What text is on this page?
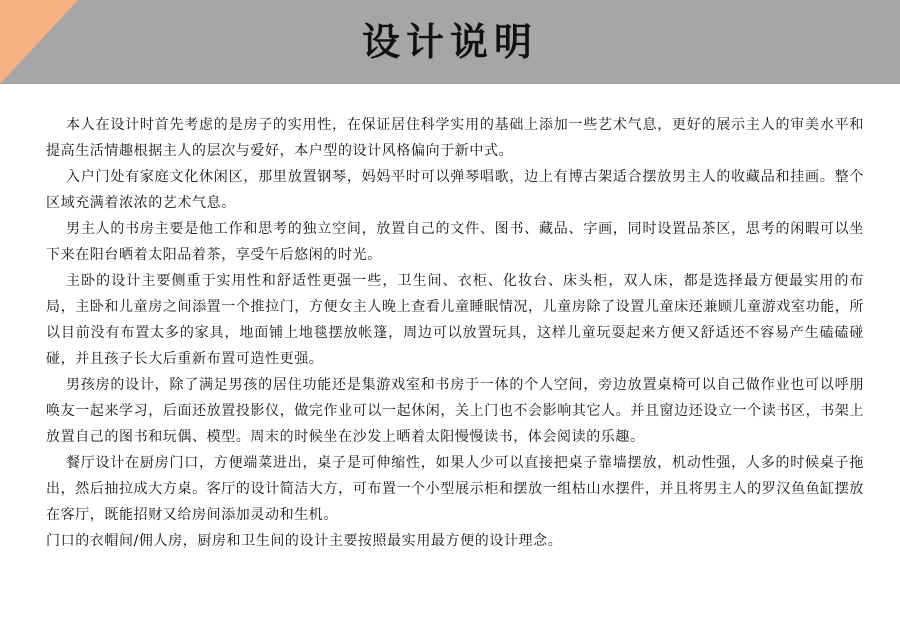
设计说明

本人在设计时首先考虑的是房子的实用性，在保证居住科学实用的基础上添加一些艺术气息，更好的展示主人的审美水平和提高生活情趣根据主人的层次与爱好，本户型的设计风格偏向于新中式。

入户门处有家庭文化休闲区，那里放置钢琴，妈妈平时可以弹琴唱歌，边上有博古架适合摆放男主人的收藏品和挂画。整个区域充满着浓浓的艺术气息。

男主人的书房主要是他工作和思考的独立空间，放置自己的文件、图书、藏品、字画，同时设置品茶区，思考的闲暇可以坐下来在阳台晒着太阳品着茶，享受午后悠闲的时光。

主卧的设计主要侧重于实用性和舒适性更强一些，卫生间、衣柜、化妆台、床头柜，双人床，都是选择最方便最实用的布局，主卧和儿童房之间添置一个推拉门，方便女主人晚上查看儿童睡眠情况，儿童房除了设置儿童床还兼顾儿童游戏室功能，所以目前没有布置太多的家具，地面铺上地毯摆放帐篷，周边可以放置玩具，这样儿童玩耍起来方便又舒适还不容易产生磕磕碰碰，并且孩子长大后重新布置可造性更强。

男孩房的设计，除了满足男孩的居住功能还是集游戏室和书房于一体的个人空间，旁边放置桌椅可以自己做作业也可以呼朋唤友一起来学习，后面还放置投影仪，做完作业可以一起休闲，关上门也不会影响其它人。并且窗边还设立一个读书区，书架上放置自己的图书和玩偶、模型。周末的时候坐在沙发上晒着太阳慢慢读书，体会阅读的乐趣。

餐厅设计在厨房门口，方便端菜进出，桌子是可伸缩性，如果人少可以直接把桌子靠墙摆放，机动性强，人多的时候桌子拖出，然后抽拉成大方桌。客厅的设计简洁大方，可布置一个小型展示柜和摆放一组枯山水摆件，并且将男主人的罗汉鱼鱼缸摆放在客厅，既能招财又给房间添加灵动和生机。

门口的衣帽间/佣人房，厨房和卫生间的设计主要按照最实用最方便的设计理念。
